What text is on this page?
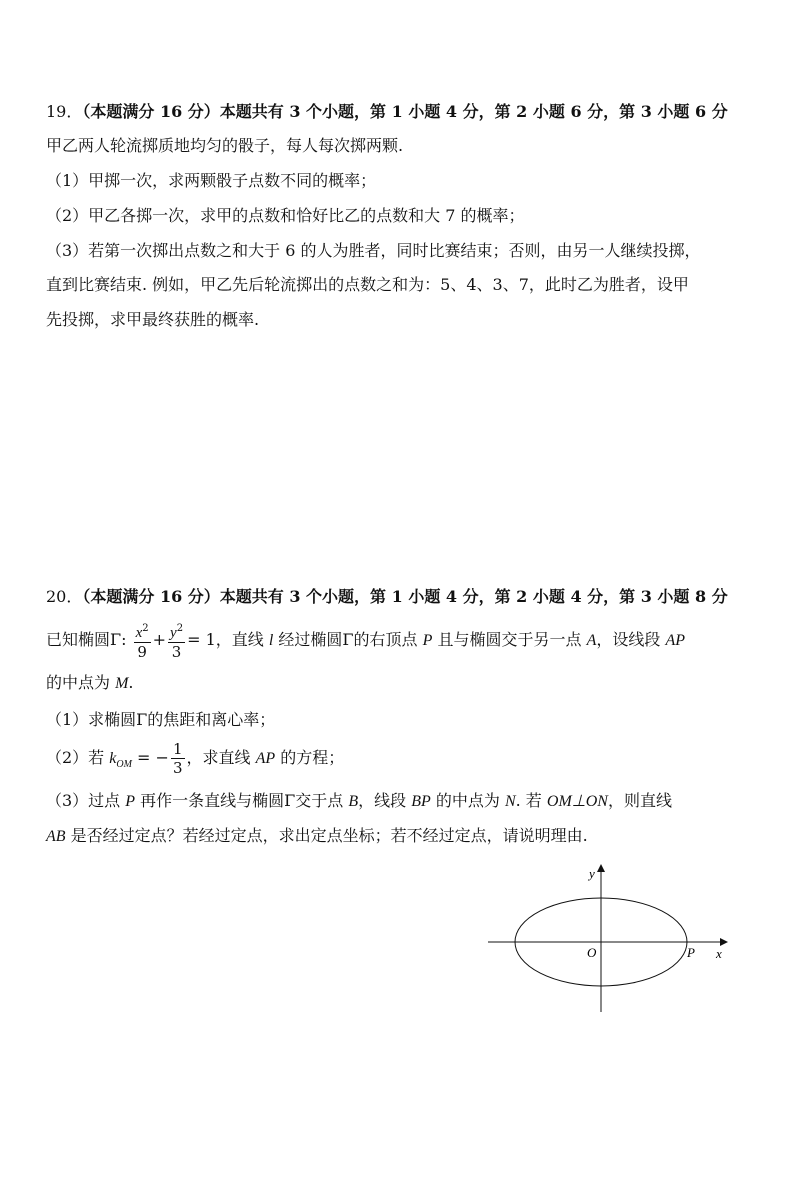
19．（本题满分 16 分）本题共有 3 个小题，第 1 小题 4 分，第 2 小题 6 分，第 3 小题 6 分
甲乙两人轮流掷质地均匀的骰子，每人每次掷两颗.
（1）甲掷一次，求两颗骰子点数不同的概率；
（2）甲乙各掷一次，求甲的点数和恰好比乙的点数和大 7 的概率；
（3）若第一次掷出点数之和大于 6 的人为胜者，同时比赛结束；否则，由另一人继续投掷，
直到比赛结束. 例如，甲乙先后轮流掷出的点数之和为：5、4、3、7，此时乙为胜者，设甲
先投掷，求甲最终获胜的概率.
20．（本题满分 16 分）本题共有 3 个小题，第 1 小题 4 分，第 2 小题 4 分，第 3 小题 8 分
已知椭圆Γ: $\frac{x^2}{9} + \frac{y^2}{3} = 1$，直线 l 经过椭圆Γ的右顶点 P 且与椭圆交于另一点 A，设线段 AP
的中点为 M.
（1）求椭圆Γ的焦距和离心率；
（2）若 $k_{OM}$ = − $\frac{1}{3}$ ，求直线 AP 的方程；
（3）过点 P 再作一条直线与椭圆Γ交于点 B，线段 BP 的中点为 N. 若 OM⊥ON，则直线
AB 是否经过定点？若经过定点，求出定点坐标；若不经过定点，请说明理由.
y
x
O	P
